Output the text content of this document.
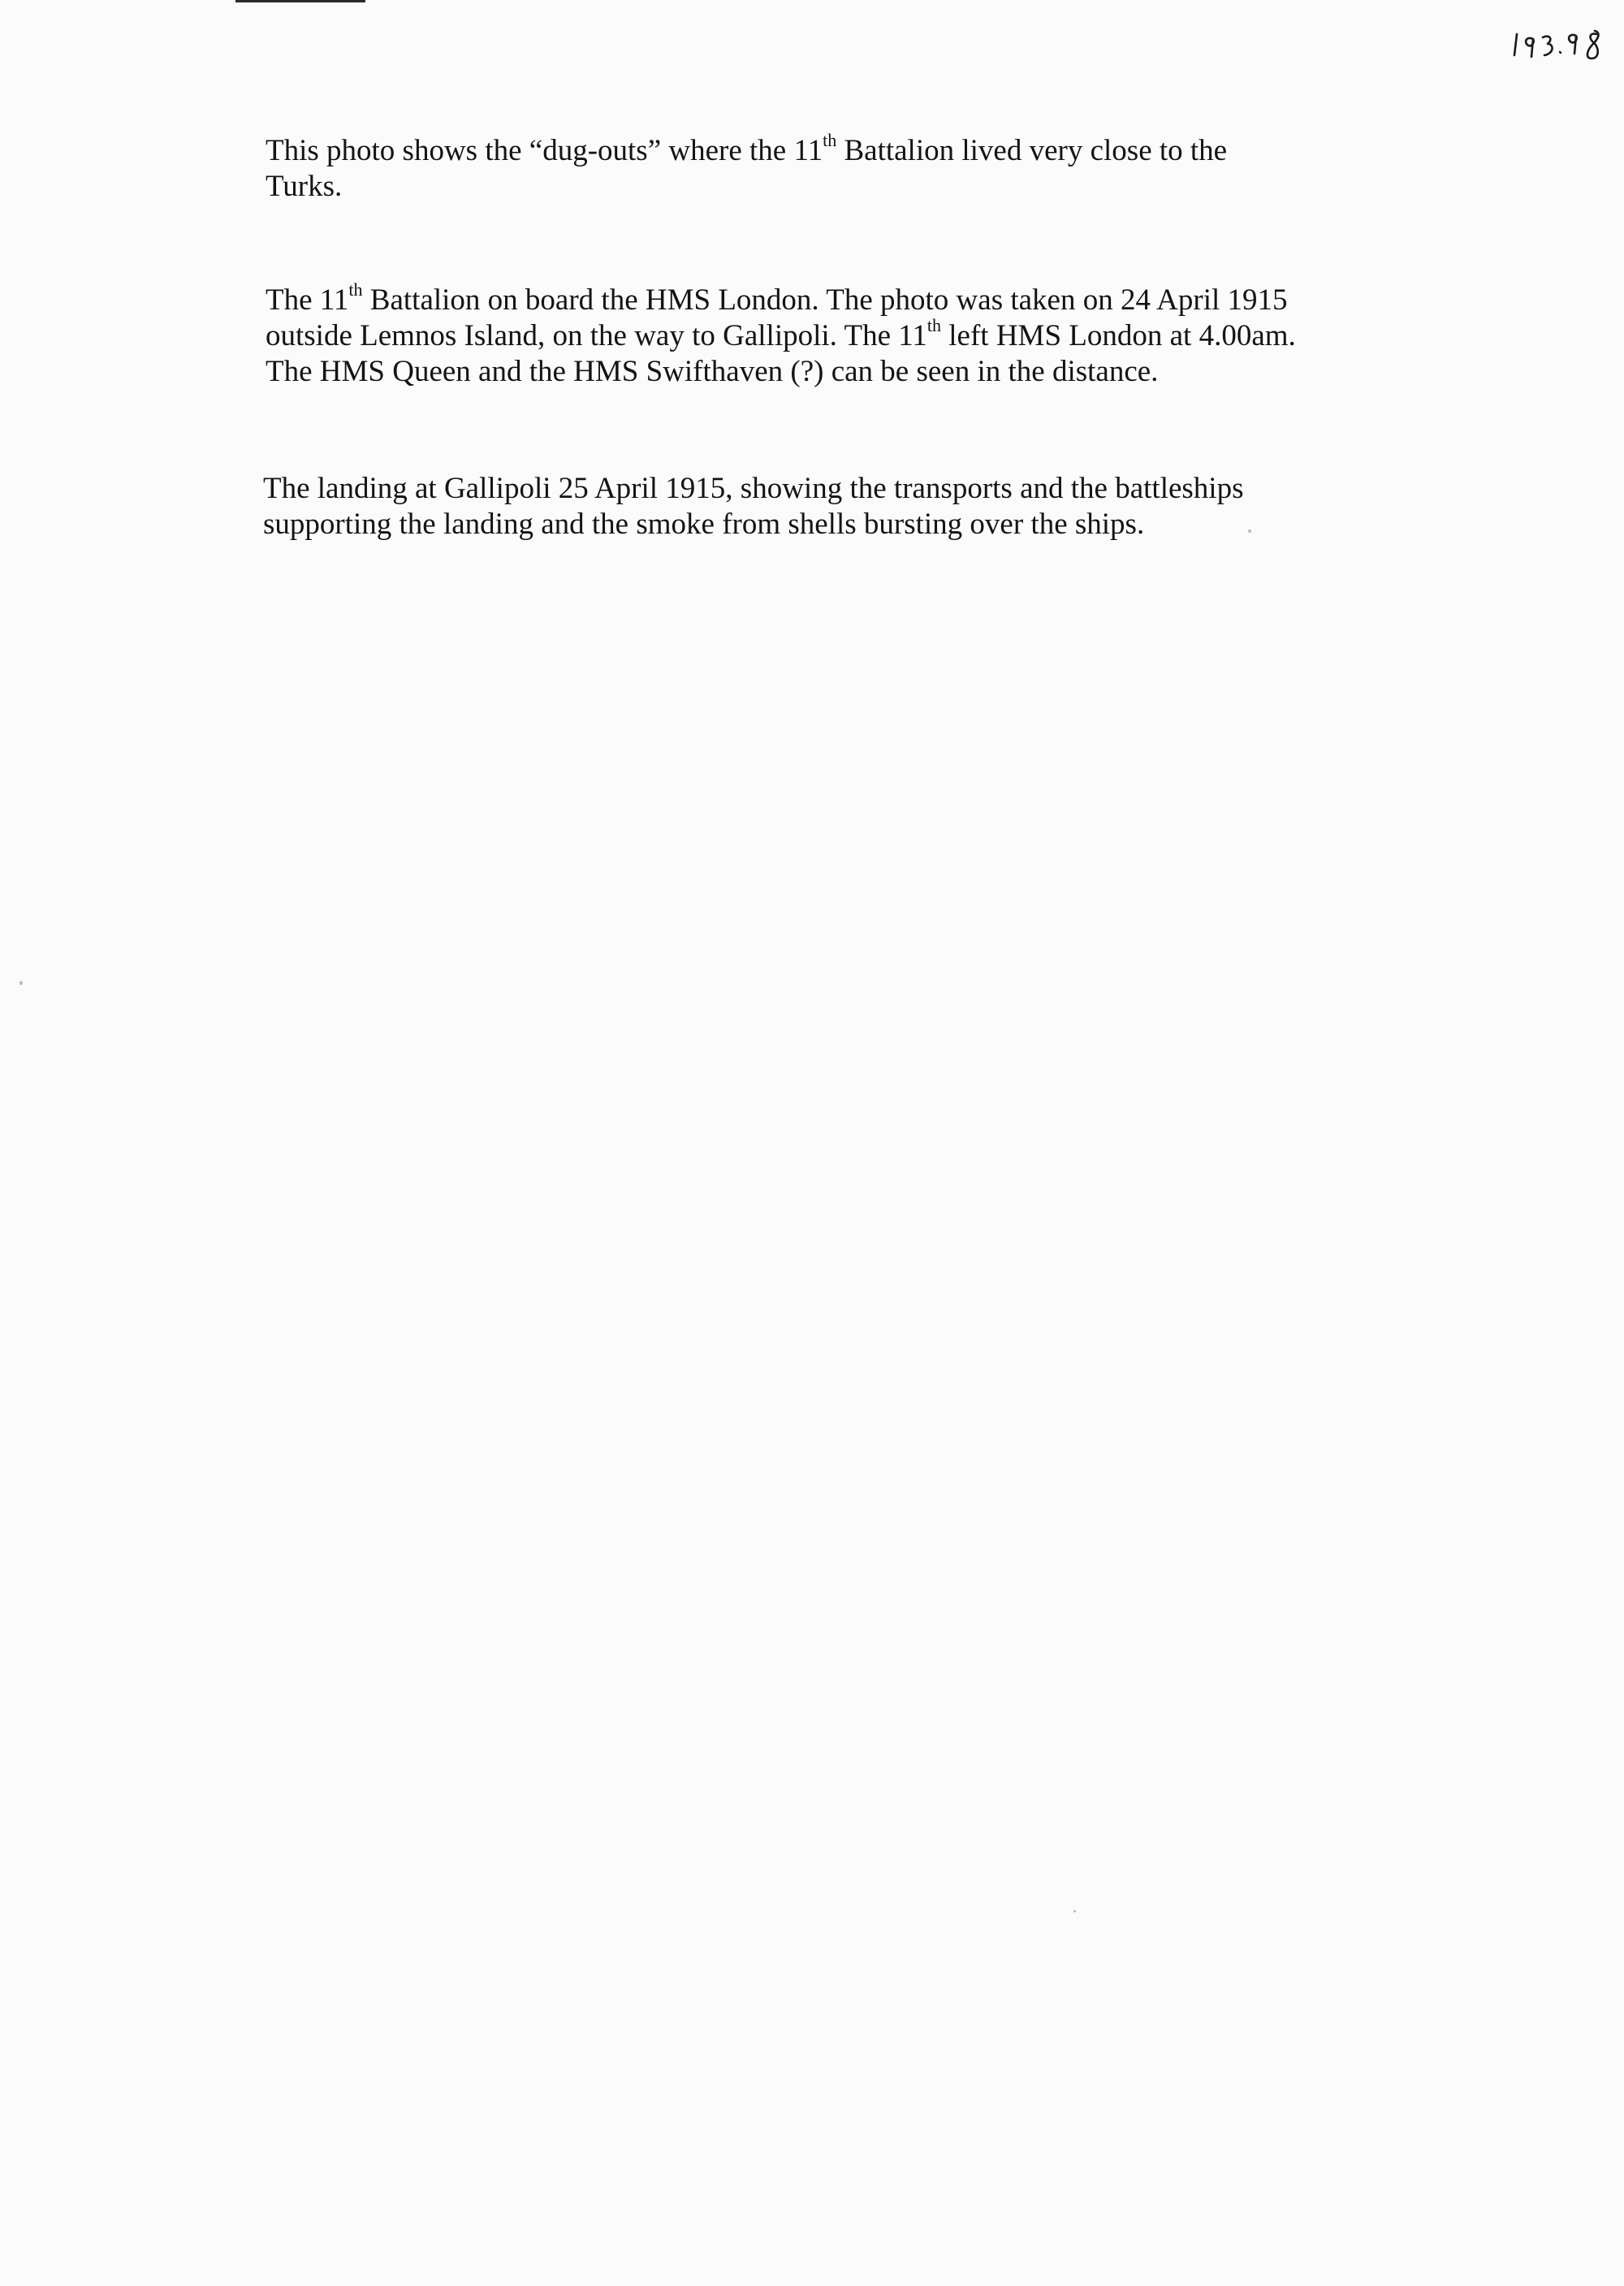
This photo shows the “dug-outs” where the 11th Battalion lived very close to the
Turks.

The 11th Battalion on board the HMS London. The photo was taken on 24 April 1915
outside Lemnos Island, on the way to Gallipoli. The 11th left HMS London at 4.00am.
The HMS Queen and the HMS Swifthaven (?) can be seen in the distance.

The landing at Gallipoli 25 April 1915, showing the transports and the battleships
supporting the landing and the smoke from shells bursting over the ships.
